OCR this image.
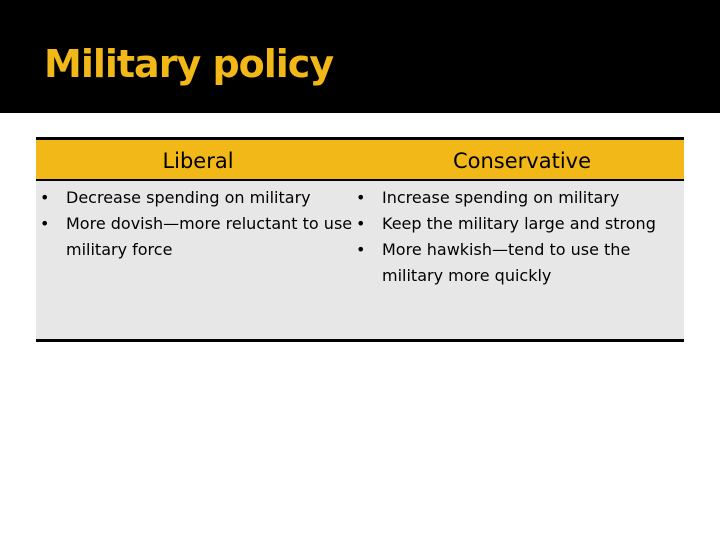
Military policy
Liberal	Conservative
• Decrease spending on military
• More dovish—more reluctant to use military force
• Increase spending on military
• Keep the military large and strong
• More hawkish—tend to use the military more quickly
